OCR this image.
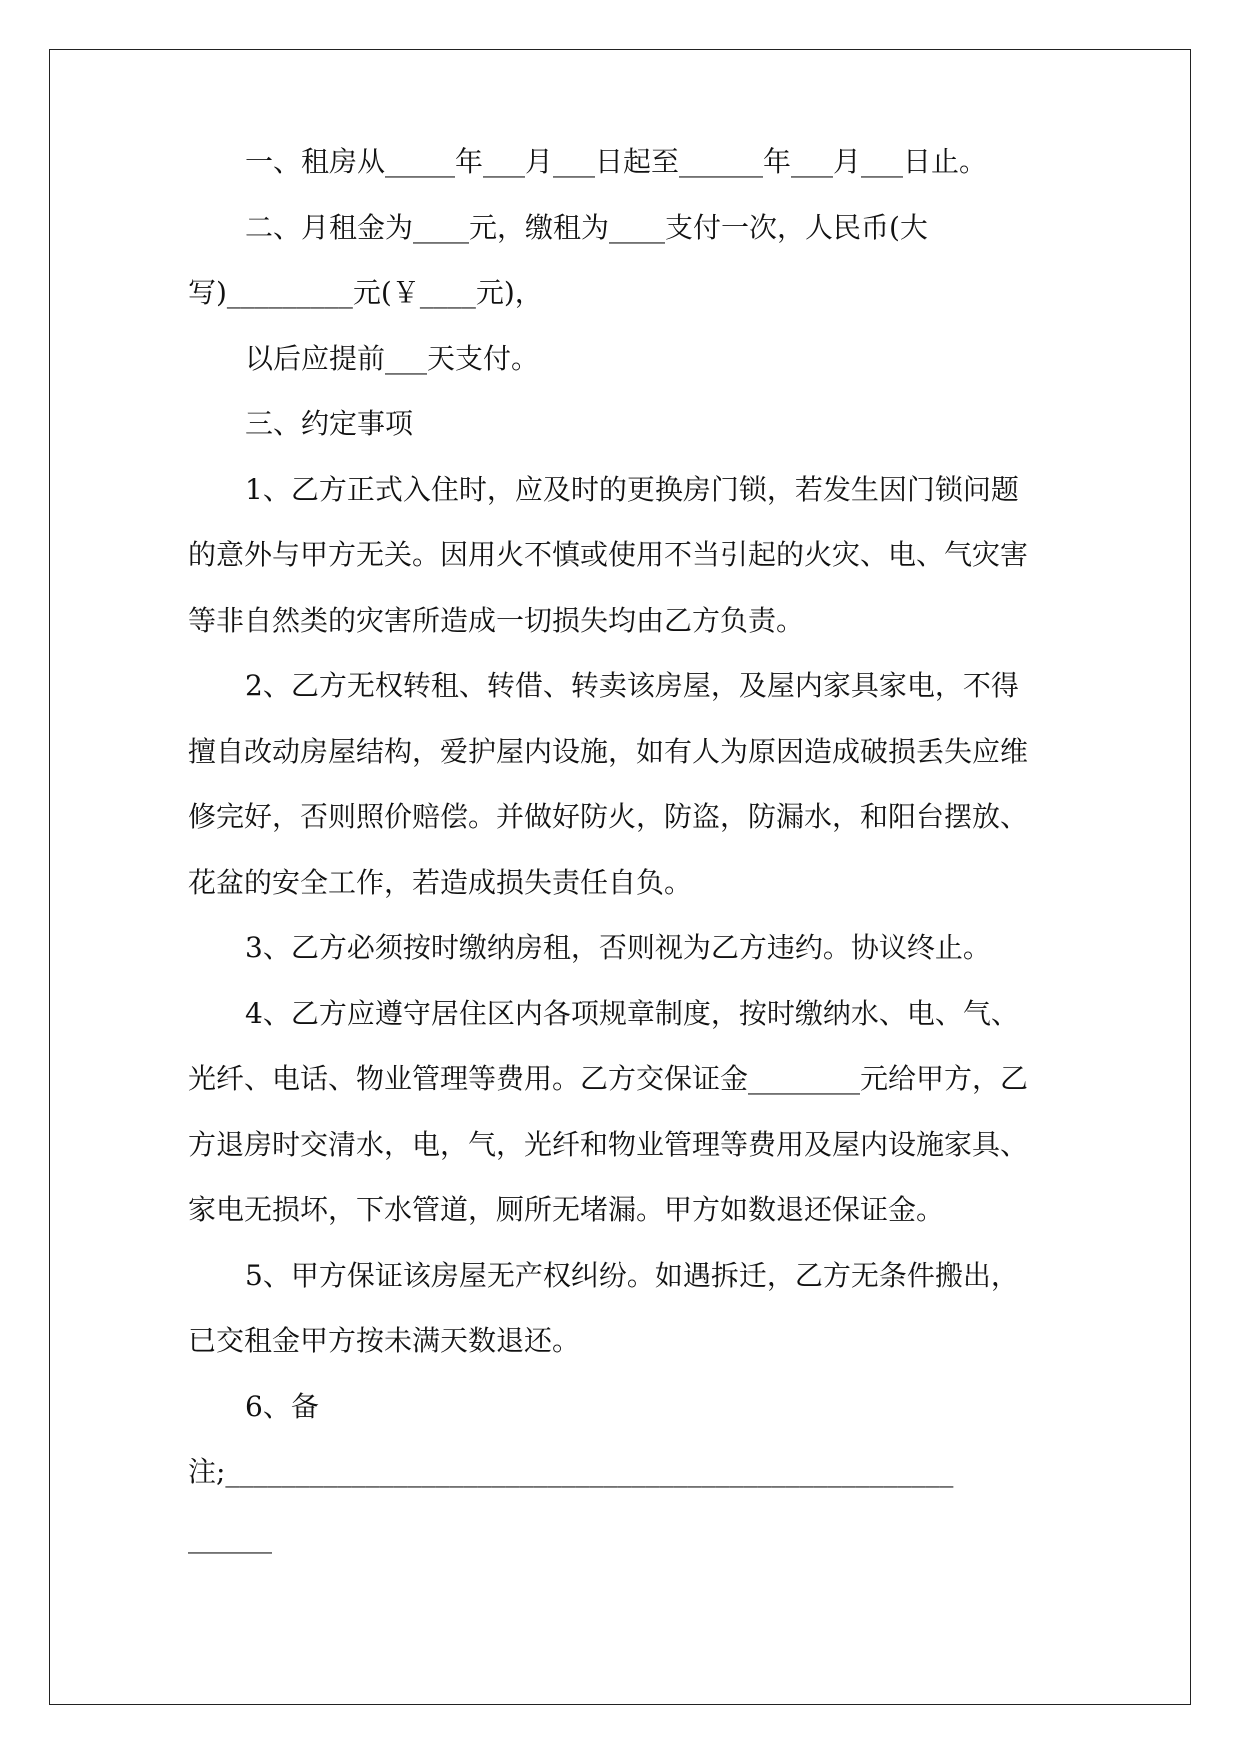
一、租房从_____年___月___日起至______年___月___日止。

二、月租金为____元，缴租为____支付一次，人民币(大

写)_________元(￥____元)，

以后应提前___天支付。

三、约定事项

1、乙方正式入住时，应及时的更换房门锁，若发生因门锁问题

的意外与甲方无关。因用火不慎或使用不当引起的火灾、电、气灾害

等非自然类的灾害所造成一切损失均由乙方负责。

2、乙方无权转租、转借、转卖该房屋，及屋内家具家电，不得

擅自改动房屋结构，爱护屋内设施，如有人为原因造成破损丢失应维

修完好，否则照价赔偿。并做好防火，防盗，防漏水，和阳台摆放、

花盆的安全工作，若造成损失责任自负。

3、乙方必须按时缴纳房租，否则视为乙方违约。协议终止。

4、乙方应遵守居住区内各项规章制度，按时缴纳水、电、气、

光纤、电话、物业管理等费用。乙方交保证金________元给甲方，乙

方退房时交清水，电，气，光纤和物业管理等费用及屋内设施家具、

家电无损坏，下水管道，厕所无堵漏。甲方如数退还保证金。

5、甲方保证该房屋无产权纠纷。如遇拆迁，乙方无条件搬出，

已交租金甲方按未满天数退还。

6、备

注;____________________________________________________

______
